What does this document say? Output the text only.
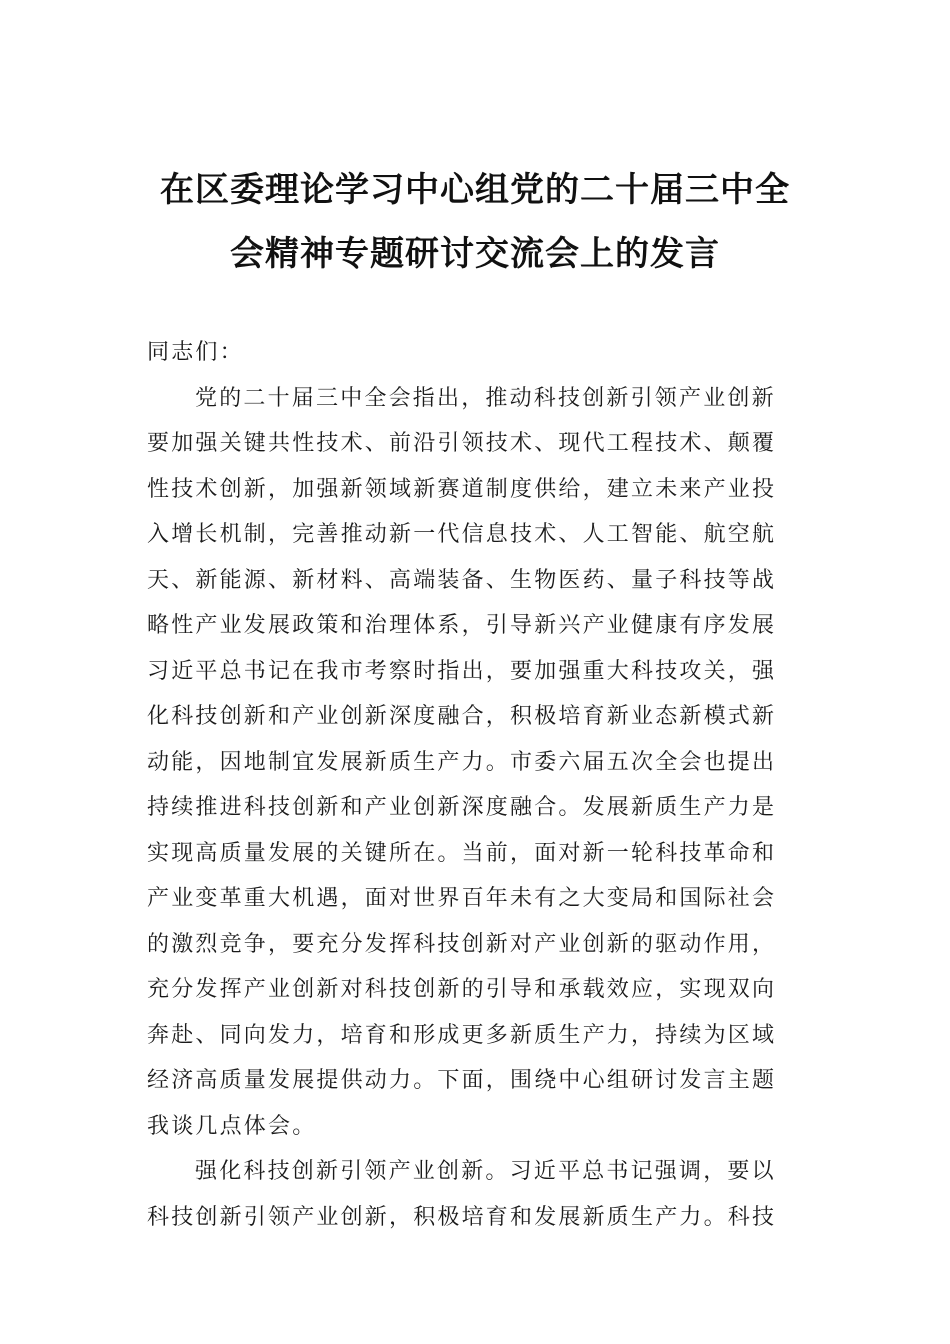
在区委理论学习中心组党的二十届三中全
会精神专题研讨交流会上的发言
同志们：
党的二十届三中全会指出，推动科技创新引领产业创新
要加强关键共性技术、前沿引领技术、现代工程技术、颠覆
性技术创新，加强新领域新赛道制度供给，建立未来产业投
入增长机制，完善推动新一代信息技术、人工智能、航空航
天、新能源、新材料、高端装备、生物医药、量子科技等战
略性产业发展政策和治理体系，引导新兴产业健康有序发展
习近平总书记在我市考察时指出，要加强重大科技攻关，强
化科技创新和产业创新深度融合，积极培育新业态新模式新
动能，因地制宜发展新质生产力。市委六届五次全会也提出
持续推进科技创新和产业创新深度融合。发展新质生产力是
实现高质量发展的关键所在。当前，面对新一轮科技革命和
产业变革重大机遇，面对世界百年未有之大变局和国际社会
的激烈竞争，要充分发挥科技创新对产业创新的驱动作用，
充分发挥产业创新对科技创新的引导和承载效应，实现双向
奔赴、同向发力，培育和形成更多新质生产力，持续为区域
经济高质量发展提供动力。下面，围绕中心组研讨发言主题
我谈几点体会。
强化科技创新引领产业创新。习近平总书记强调，要以
科技创新引领产业创新，积极培育和发展新质生产力。科技
